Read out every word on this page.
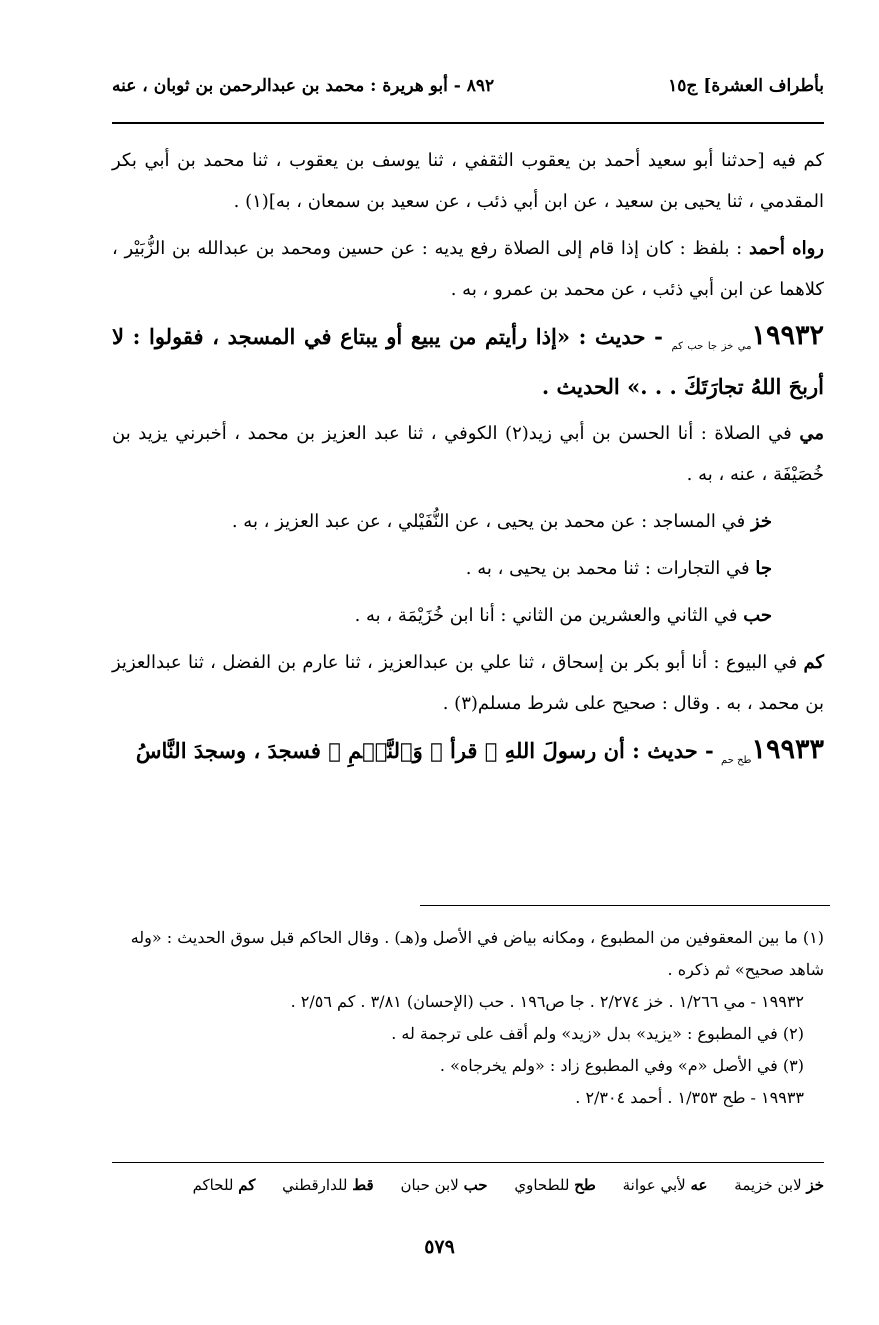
بأطراف العشرة] ج١٥
٨٩٢ - أبو هريرة : محمد بن عبدالرحمن بن ثوبان ، عنه

كم فيه [حدثنا أبو سعيد أحمد بن يعقوب الثقفي ، ثنا يوسف بن يعقوب ، ثنا محمد بن أبي بكر المقدمي ، ثنا يحيى بن سعيد ، عن ابن أبي ذئب ، عن سعيد بن سمعان ، به](١) .

رواه أحمد : بلفظ : كان إذا قام إلى الصلاة رفع يديه : عن حسين ومحمد بن عبدالله بن الزُّبَيْر ، كلاهما عن ابن أبي ذئب ، عن محمد بن عمرو ، به .

$١٩٩٣٢_{مي خز جا حب كم}$ - حديث : «إذا رأيتم من يبيع أو يبتاع في المسجد ، فقولوا : لا أربحَ اللهُ تجارَتَكَ . . .» الحديث .

مي في الصلاة : أنا الحسن بن أبي زيد(٢) الكوفي ، ثنا عبد العزيز بن محمد ، أخبرني يزيد بن خُصَيْفَة ، عنه ، به .

خز في المساجد : عن محمد بن يحيى ، عن النُّفَيْلي ، عن عبد العزيز ، به .

جا في التجارات : ثنا محمد بن يحيى ، به .

حب في الثاني والعشرين من الثاني : أنا ابن خُزَيْمَة ، به .

كم في البيوع : أنا أبو بكر بن إسحاق ، ثنا علي بن عبدالعزيز ، ثنا عارم بن الفضل ، ثنا عبدالعزيز بن محمد ، به . وقال : صحيح على شرط مسلم(٣) .

$١٩٩٣٣_{طح حم}$ - حديث : أن رسولَ اللهِ ﷺ قرأ ﴿ وَٱلنَّجۡمِ ﴾ فسجدَ ، وسجدَ النَّاسُ

(١) ما بين المعقوفين من المطبوع ، ومكانه بياض في الأصل و(هـ) . وقال الحاكم قبل سوق الحديث : «وله شاهد صحيح» ثم ذكره .

١٩٩٣٢ - مي ١/٢٦٦ . خز ٢/٢٧٤ . جا ص١٩٦ . حب (الإحسان) ٣/٨١ . كم ٢/٥٦ .

(٢) في المطبوع : «يزيد» بدل «زيد» ولم أقف على ترجمة له .

(٣) في الأصل «م» وفي المطبوع زاد : «ولم يخرجاه» .

١٩٩٣٣ - طح ١/٣٥٣ . أحمد ٢/٣٠٤ .

خز لابن خزيمة عه لأبي عوانة طح للطحاوي حب لابن حبان قط للدارقطني كم للحاكم
٥٧٩
